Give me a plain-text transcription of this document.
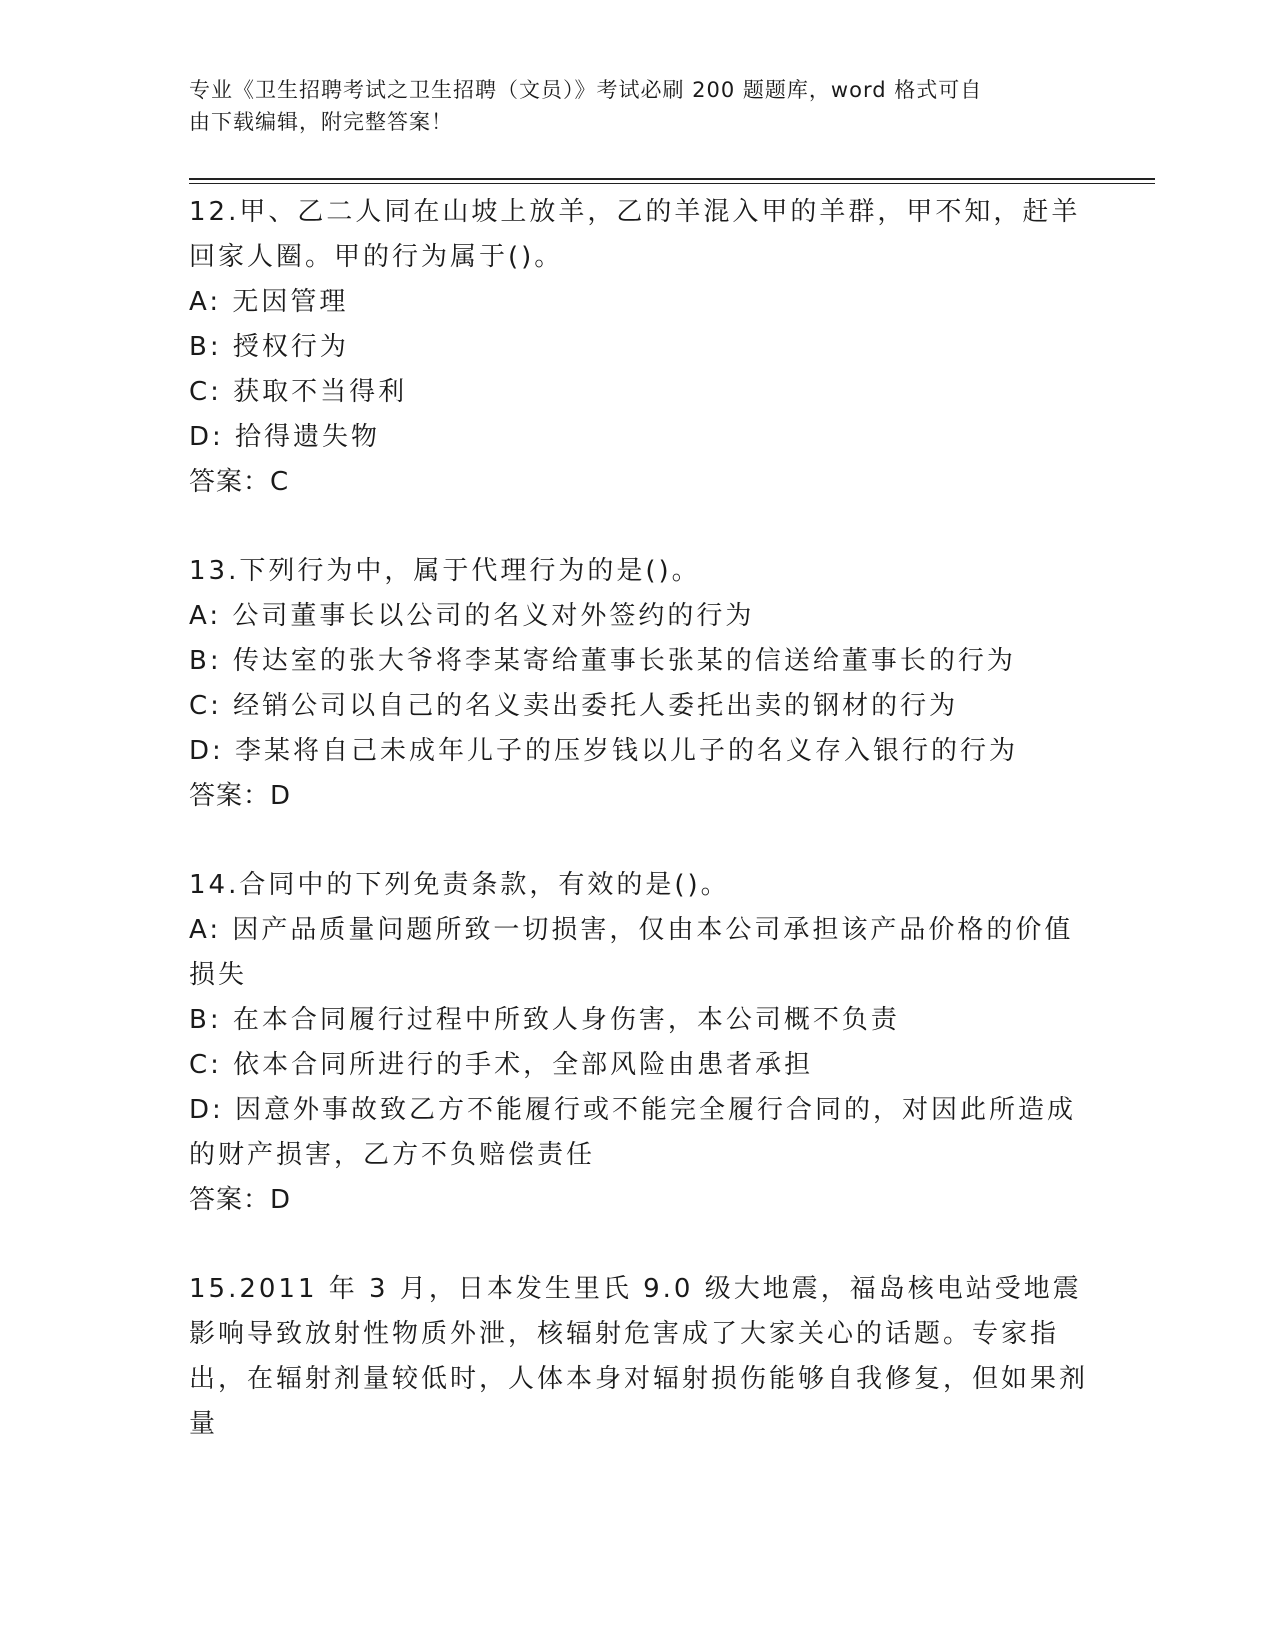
专业《卫生招聘考试之卫生招聘（文员）》考试必刷 200 题题库，word 格式可自
由下载编辑，附完整答案！

12.甲、乙二人同在山坡上放羊，乙的羊混入甲的羊群，甲不知，赶羊回家人圈。甲的行为属于()。

A: 无因管理

B: 授权行为

C: 获取不当得利

D: 拾得遗失物

答案：C

13.下列行为中，属于代理行为的是()。

A: 公司董事长以公司的名义对外签约的行为

B: 传达室的张大爷将李某寄给董事长张某的信送给董事长的行为

C: 经销公司以自己的名义卖出委托人委托出卖的钢材的行为

D: 李某将自己未成年儿子的压岁钱以儿子的名义存入银行的行为

答案：D

14.合同中的下列免责条款，有效的是()。

A: 因产品质量问题所致一切损害，仅由本公司承担该产品价格的价值损失

B: 在本合同履行过程中所致人身伤害，本公司概不负责

C: 依本合同所进行的手术，全部风险由患者承担

D: 因意外事故致乙方不能履行或不能完全履行合同的，对因此所造成的财产损害，乙方不负赔偿责任

答案：D

15.2011 年 3 月，日本发生里氏 9.0 级大地震，福岛核电站受地震影响导致放射性物质外泄，核辐射危害成了大家关心的话题。专家指出，在辐射剂量较低时，人体本身对辐射损伤能够自我修复，但如果剂量
